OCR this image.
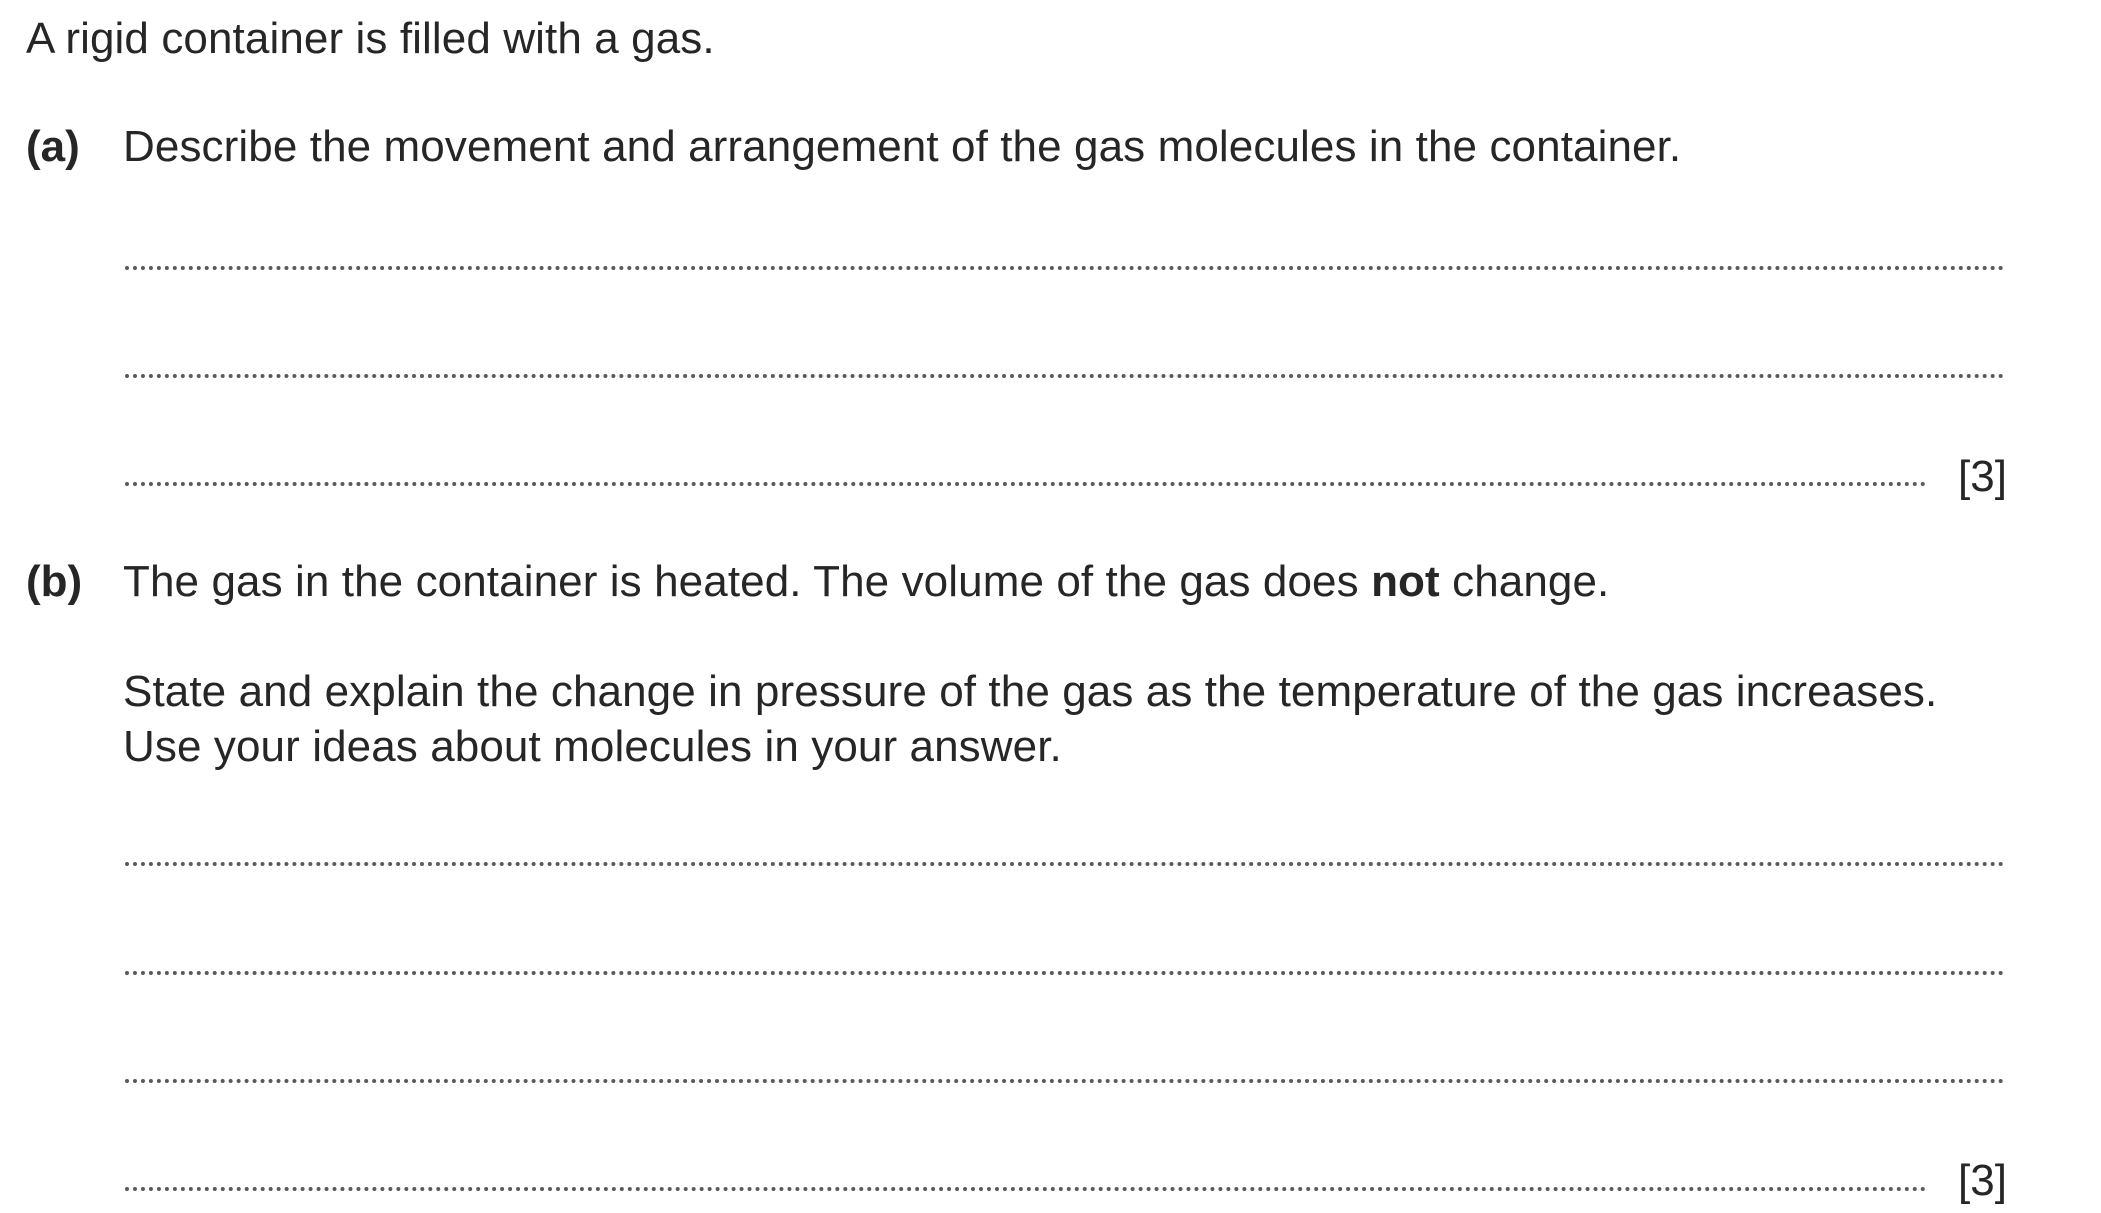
A rigid container is filled with a gas.
(a) Describe the movement and arrangement of the gas molecules in the container.
[3]
(b) The gas in the container is heated. The volume of the gas does not change.
State and explain the change in pressure of the gas as the temperature of the gas increases.
Use your ideas about molecules in your answer.
[3]
